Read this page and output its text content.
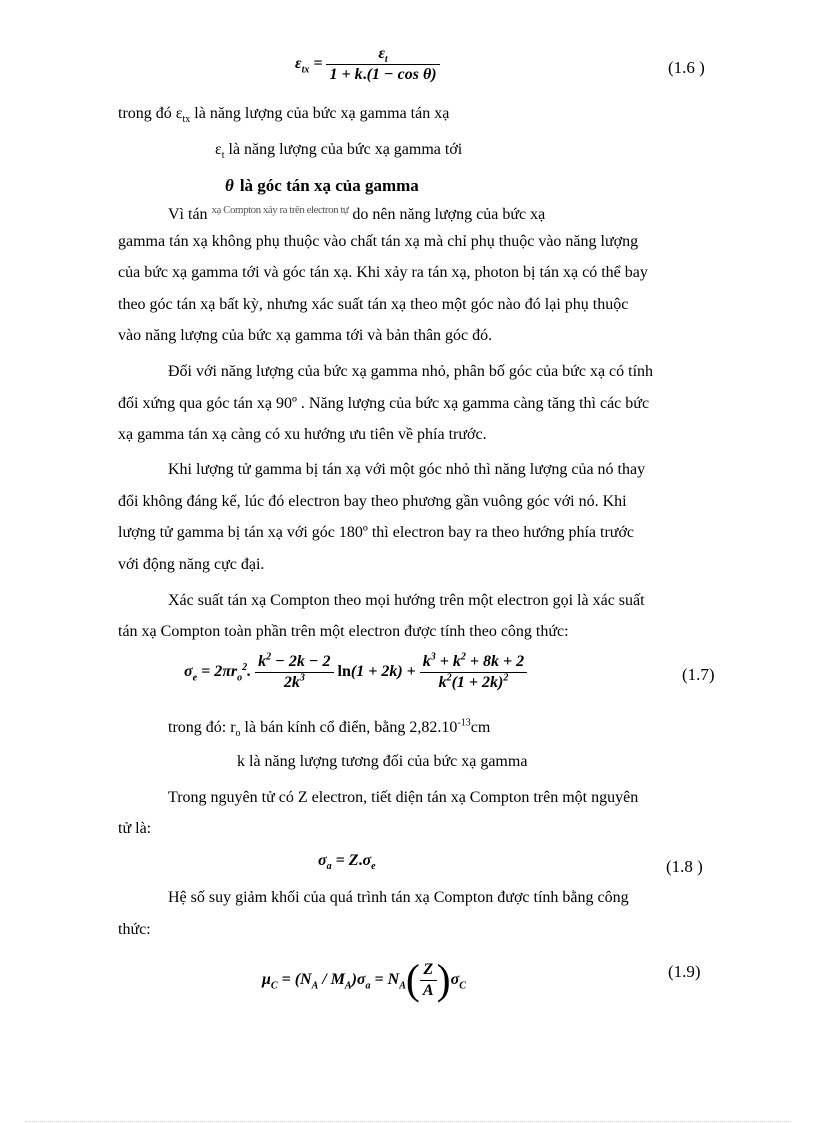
$\varepsilon_{tx} = \frac{\varepsilon_t}{\text{1 + k.(1 − cos θ)}}$	(1.6 )
trong đó $\varepsilon_{tx}$ là năng lượng của bức xạ gamma tán xạ
$\varepsilon_t$ là năng lượng của bức xạ gamma tới
θ là góc tán xạ của gamma
Vì tán xạ Compton xảy ra trên electron tự do nên năng lượng của bức xạ
gamma tán xạ không phụ thuộc vào chất tán xạ mà chỉ phụ thuộc vào năng lượng
của bức xạ gamma tới và góc tán xạ. Khi xảy ra tán xạ, photon bị tán xạ có thể bay
theo góc tán xạ bất kỳ, nhưng xác suất tán xạ theo một góc nào đó lại phụ thuộc
vào năng lượng của bức xạ gamma tới và bản thân góc đó.
Đối với năng lượng của bức xạ gamma nhỏ, phân bố góc của bức xạ có tính
đối xứng qua góc tán xạ 90º . Năng lượng của bức xạ gamma càng tăng thì các bức
xạ gamma tán xạ càng có xu hướng ưu tiên về phía trước.
Khi lượng tử gamma bị tán xạ với một góc nhỏ thì năng lượng của nó thay
đổi không đáng kể, lúc đó electron bay theo phương gần vuông góc với nó. Khi
lượng tử gamma bị tán xạ với góc 180º thì electron bay ra theo hướng phía trước
với động năng cực đại.
Xác suất tán xạ Compton theo mọi hướng trên một electron gọi là xác suất
tán xạ Compton toàn phần trên một electron được tính theo công thức:
$\sigma_e = 2\pi r_o^2$. $\frac{k^2 - 2k - 2}{2k^3} \ln(1 + 2k) + \frac{k^3 + k^2 + 8k + 2}{k^2(1 + 2k)^2}$	(1.7)
trong đó: $r_o$ là bán kính cổ điển, bằng $2,82.10^{-13}cm$
k là năng lượng tương đối của bức xạ gamma
Trong nguyên tử có Z electron, tiết diện tán xạ Compton trên một nguyên
tử là:
$\sigma_a = Z.\sigma_e$	(1.8 )
Hệ số suy giảm khối của quá trình tán xạ Compton được tính bằng công
thức:
$\mu_C = (N_A / M_A)\sigma_a = N_A( \frac{Z}{A} )\sigma_C$
(1.9)
